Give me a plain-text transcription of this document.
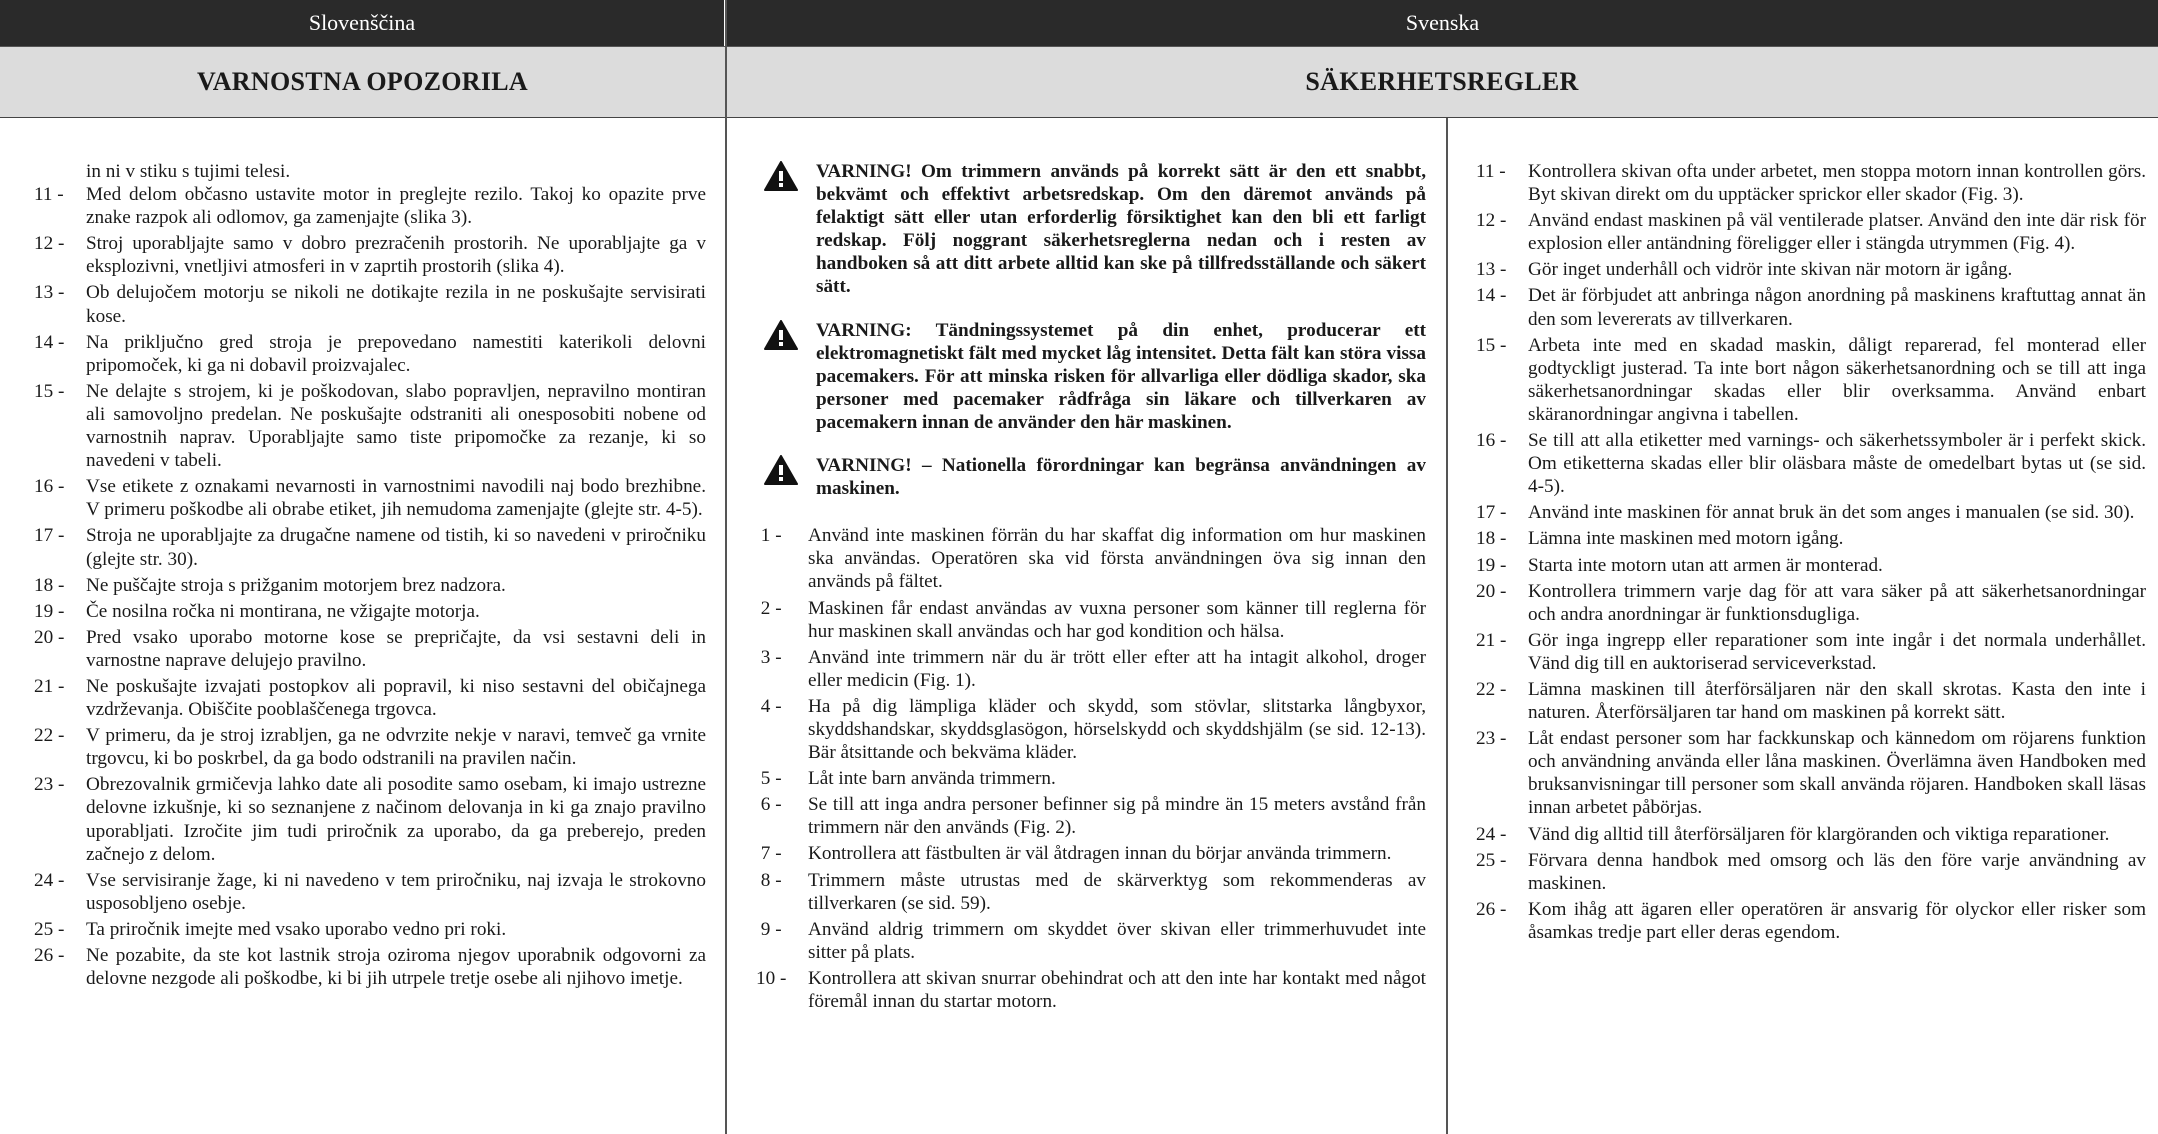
Slovenščina	Svenska
VARNOSTNA OPOZORILA	SÄKERHETSREGLER

in ni v stiku s tujimi telesi.

11 - Med delom občasno ustavite motor in preglejte rezilo. Takoj ko opazite prve znake razpok ali odlomov, ga zamenjajte (slika 3).
12 - Stroj uporabljajte samo v dobro prezračenih prostorih. Ne uporabljajte ga v eksplozivni, vnetljivi atmosferi in v zaprtih prostorih (slika 4).
13 - Ob delujočem motorju se nikoli ne dotikajte rezila in ne poskušajte servisirati kose.
14 - Na priključno gred stroja je prepovedano namestiti katerikoli delovni pripomoček, ki ga ni dobavil proizvajalec.
15 - Ne delajte s strojem, ki je poškodovan, slabo popravljen, nepravilno montiran ali samovoljno predelan. Ne poskušajte odstraniti ali onesposobiti nobene od varnostnih naprav. Uporabljajte samo tiste pripomočke za rezanje, ki so navedeni v tabeli.
16 - Vse etikete z oznakami nevarnosti in varnostnimi navodili naj bodo brezhibne. V primeru poškodbe ali obrabe etiket, jih nemudoma zamenjajte (glejte str. 4-5).
17 - Stroja ne uporabljajte za drugačne namene od tistih, ki so navedeni v priročniku (glejte str. 30).
18 - Ne puščajte stroja s prižganim motorjem brez nadzora.
19 - Če nosilna ročka ni montirana, ne vžigajte motorja.
20 - Pred vsako uporabo motorne kose se prepričajte, da vsi sestavni deli in varnostne naprave delujejo pravilno.
21 - Ne poskušajte izvajati postopkov ali popravil, ki niso sestavni del običajnega vzdrževanja. Obiščite pooblaščenega trgovca.
22 - V primeru, da je stroj izrabljen, ga ne odvrzite nekje v naravi, temveč ga vrnite trgovcu, ki bo poskrbel, da ga bodo odstranili na pravilen način.
23 - Obrezovalnik grmičevja lahko date ali posodite samo osebam, ki imajo ustrezne delovne izkušnje, ki so seznanjene z načinom delovanja in ki ga znajo pravilno uporabljati. Izročite jim tudi priročnik za uporabo, da ga preberejo, preden začnejo z delom.
24 - Vse servisiranje žage, ki ni navedeno v tem priročniku, naj izvaja le strokovno usposobljeno osebje.
25 - Ta priročnik imejte med vsako uporabo vedno pri roki.
26 - Ne pozabite, da ste kot lastnik stroja oziroma njegov uporabnik odgovorni za delovne nezgode ali poškodbe, ki bi jih utrpele tretje osebe ali njihovo imetje.
VARNING! Om trimmern används på korrekt sätt är den ett snabbt, bekvämt och effektivt arbetsredskap. Om den däremot används på felaktigt sätt eller utan erforderlig försiktighet kan den bli ett farligt redskap. Följ noggrant säkerhetsreglerna nedan och i resten av handboken så att ditt arbete alltid kan ske på tillfredsställande och säkert sätt.
VARNING: Tändningssystemet på din enhet, producerar ett elektromagnetiskt fält med mycket låg intensitet. Detta fält kan störa vissa pacemakers. För att minska risken för allvarliga eller dödliga skador, ska personer med pacemaker rådfråga sin läkare och tillverkaren av pacemakern innan de använder den här maskinen.
VARNING! – Nationella förordningar kan begränsa användningen av maskinen.
1 - Använd inte maskinen förrän du har skaffat dig information om hur maskinen ska användas. Operatören ska vid första användningen öva sig innan den används på fältet.
2 - Maskinen får endast användas av vuxna personer som känner till reglerna för hur maskinen skall användas och har god kondition och hälsa.
3 - Använd inte trimmern när du är trött eller efter att ha intagit alkohol, droger eller medicin (Fig. 1).
4 - Ha på dig lämpliga kläder och skydd, som stövlar, slitstarka långbyxor, skyddshandskar, skyddsglasögon, hörselskydd och skyddshjälm (se sid. 12-13). Bär åtsittande och bekväma kläder.
5 - Låt inte barn använda trimmern.
6 - Se till att inga andra personer befinner sig på mindre än 15 meters avstånd från trimmern när den används (Fig. 2).
7 - Kontrollera att fästbulten är väl åtdragen innan du börjar använda trimmern.
8 - Trimmern måste utrustas med de skärverktyg som rekommenderas av tillverkaren (se sid. 59).
9 - Använd aldrig trimmern om skyddet över skivan eller trimmerhuvudet inte sitter på plats.
10 - Kontrollera att skivan snurrar obehindrat och att den inte har kontakt med något föremål innan du startar motorn.
11 - Kontrollera skivan ofta under arbetet, men stoppa motorn innan kontrollen görs. Byt skivan direkt om du upptäcker sprickor eller skador (Fig. 3).
12 - Använd endast maskinen på väl ventilerade platser. Använd den inte där risk för explosion eller antändning föreligger eller i stängda utrymmen (Fig. 4).
13 - Gör inget underhåll och vidrör inte skivan när motorn är igång.
14 - Det är förbjudet att anbringa någon anordning på maskinens kraftuttag annat än den som levererats av tillverkaren.
15 - Arbeta inte med en skadad maskin, dåligt reparerad, fel monterad eller godtyckligt justerad. Ta inte bort någon säkerhetsanordning och se till att inga säkerhetsanordningar skadas eller blir overksamma. Använd enbart skäranordningar angivna i tabellen.
16 - Se till att alla etiketter med varnings- och säkerhetssymboler är i perfekt skick. Om etiketterna skadas eller blir oläsbara måste de omedelbart bytas ut (se sid. 4-5).
17 - Använd inte maskinen för annat bruk än det som anges i manualen (se sid. 30).
18 - Lämna inte maskinen med motorn igång.
19 - Starta inte motorn utan att armen är monterad.
20 - Kontrollera trimmern varje dag för att vara säker på att säkerhetsanordningar och andra anordningar är funktionsdugliga.
21 - Gör inga ingrepp eller reparationer som inte ingår i det normala underhållet. Vänd dig till en auktoriserad serviceverkstad.
22 - Lämna maskinen till återförsäljaren när den skall skrotas. Kasta den inte i naturen. Återförsäljaren tar hand om maskinen på korrekt sätt.
23 - Låt endast personer som har fackkunskap och kännedom om röjarens funktion och användning använda eller låna maskinen. Överlämna även Handboken med bruksanvisningar till personer som skall använda röjaren. Handboken skall läsas innan arbetet påbörjas.
24 - Vänd dig alltid till återförsäljaren för klargöranden och viktiga reparationer.
25 - Förvara denna handbok med omsorg och läs den före varje användning av maskinen.
26 - Kom ihåg att ägaren eller operatören är ansvarig för olyckor eller risker som åsamkas tredje part eller deras egendom.
